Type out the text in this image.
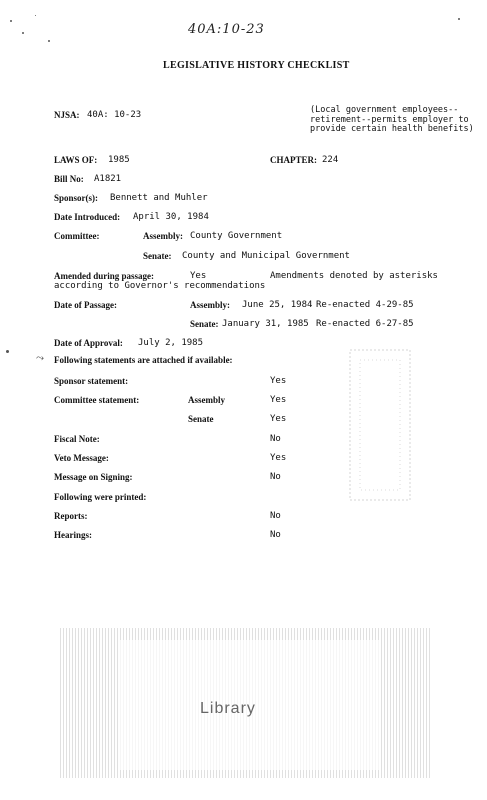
40A:10-23
LEGISLATIVE HISTORY CHECKLIST
NJSA: 40A: 10-23	(Local government employees--retirement--permits employer to provide certain health benefits)
LAWS OF: 1985	CHAPTER: 224
Bill No: A1821
Sponsor(s): Bennett and Muhler
Date Introduced: April 30, 1984
Committee:	Assembly: County Government
Senate: County and Municipal Government
Amended during passage:	Yes	Amendments denoted by asterisks
according to Governor's recommendations
Date of Passage:	Assembly: June 25, 1984 Re-enacted 4-29-85
Senate: January 31, 1985 Re-enacted 6-27-85
Date of Approval: July 2, 1985
⤳ Following statements are attached if available:
Sponsor statement:	Yes
Committee statement:	Assembly	Yes
Senate	Yes
Fiscal Note:	No
Veto Message:	Yes
Message on Signing:	No
Following were printed:
Reports:	No
Hearings:	No
Library
